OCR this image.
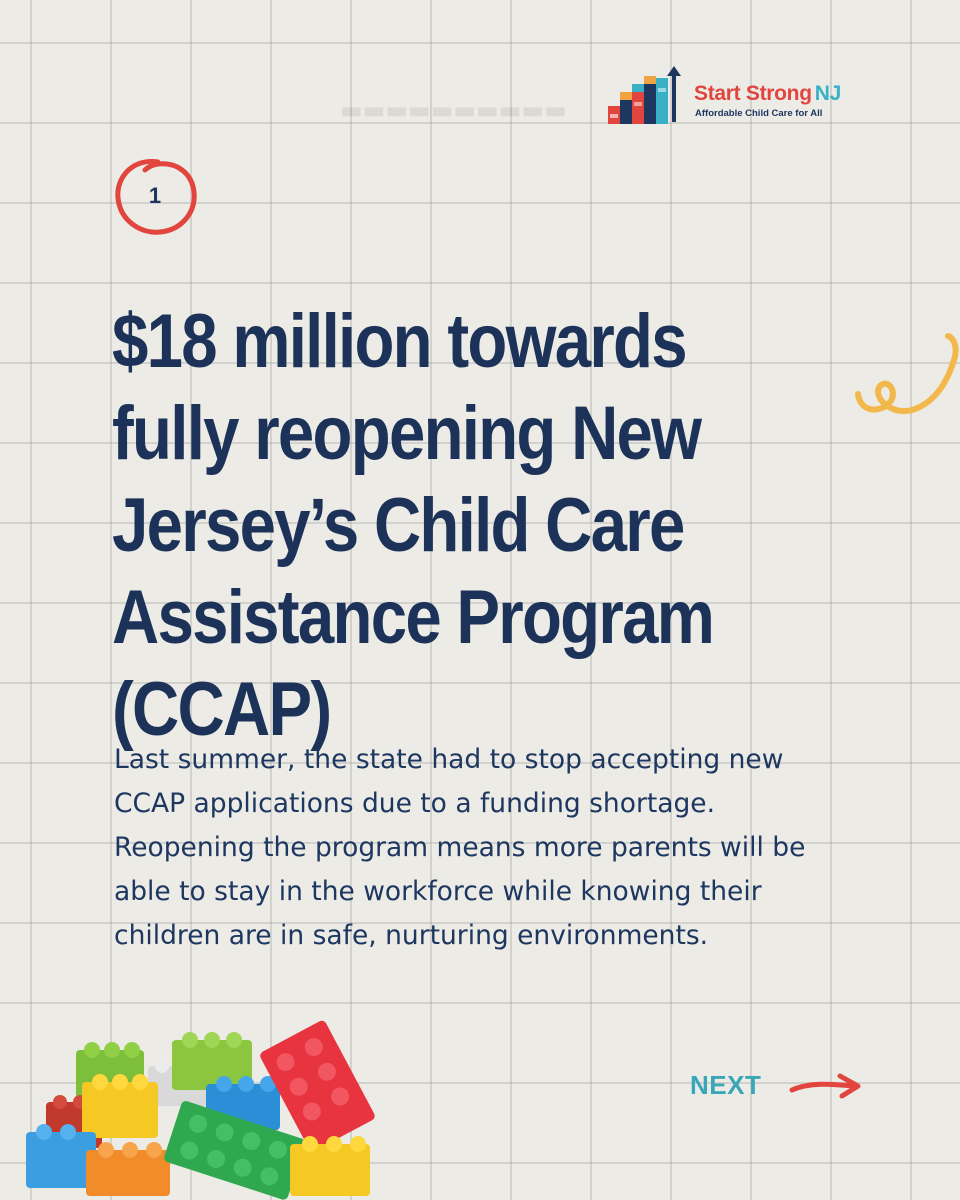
▬▬▬▬▬▬▬▬▬▬
Start Strong NJ
Affordable Child Care for All
1
$18 million towards fully reopening New Jersey’s Child Care Assistance Program (CCAP)

Last summer, the state had to stop accepting new CCAP applications due to a funding shortage. Reopening the program means more parents will be able to stay in the workforce while knowing their children are in safe, nurturing environments.

NEXT
